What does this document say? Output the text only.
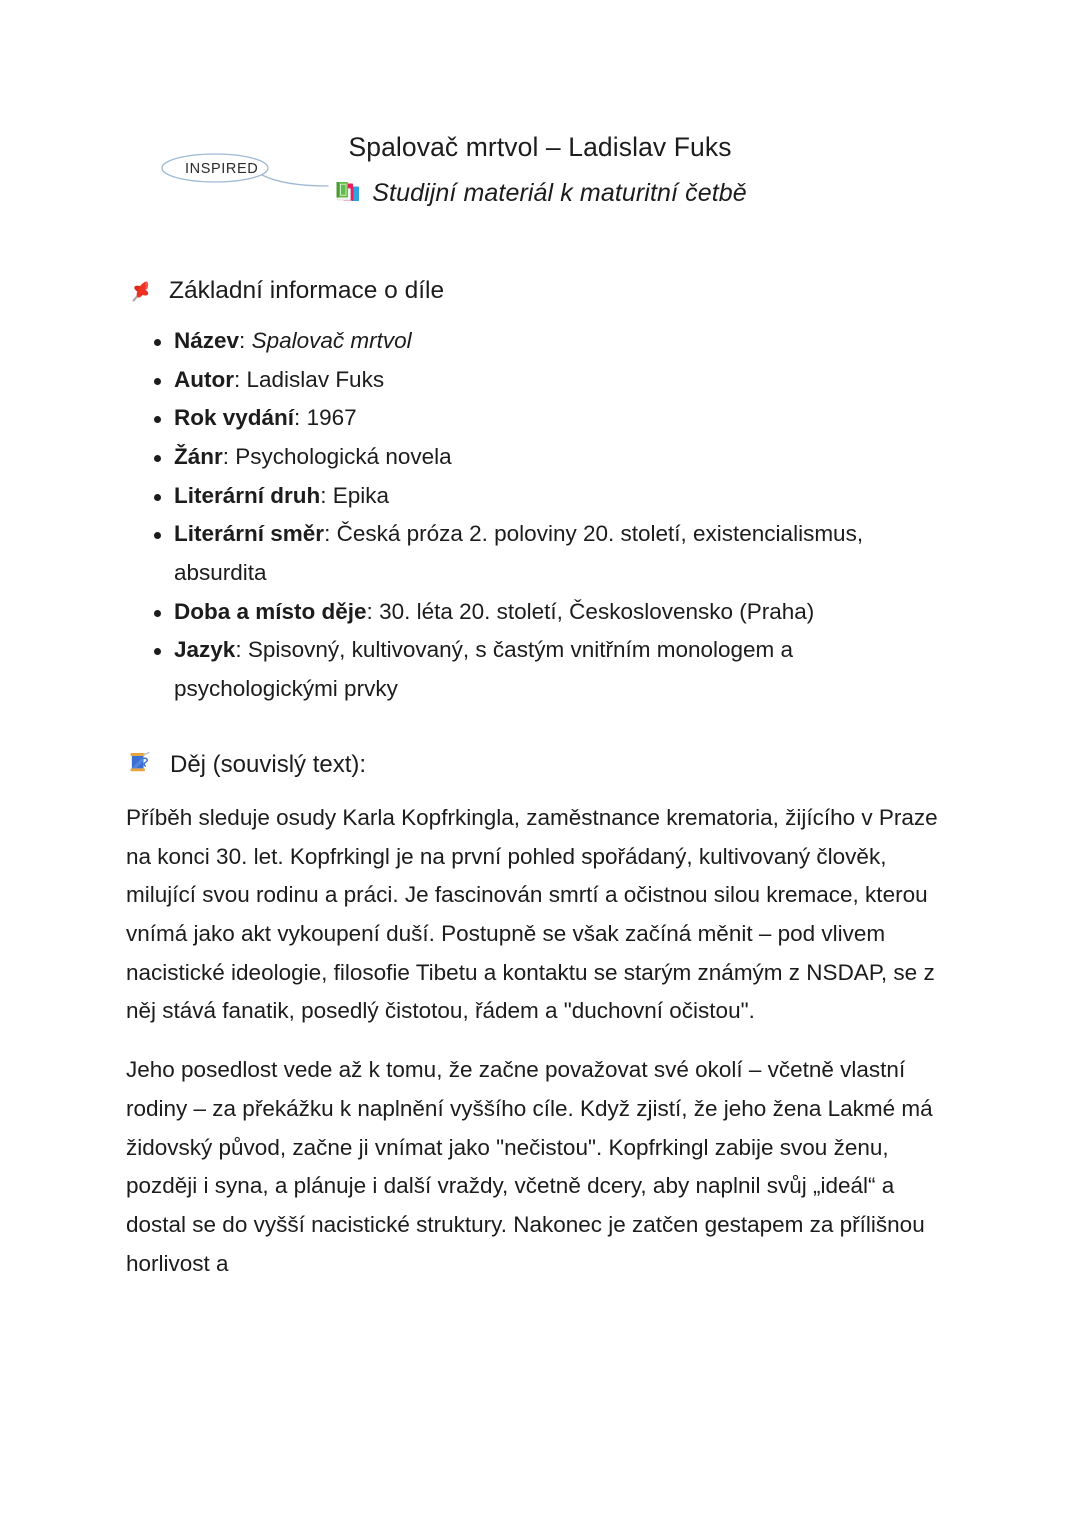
INSPIRED
Spalovač mrtvol – Ladislav Fuks
Studijní materiál k maturitní četbě
Základní informace o díle
Název: Spalovač mrtvol
Autor: Ladislav Fuks
Rok vydání: 1967
Žánr: Psychologická novela
Literární druh: Epika
Literární směr: Česká próza 2. poloviny 20. století, existencialismus, absurdita
Doba a místo děje: 30. léta 20. století, Československo (Praha)
Jazyk: Spisovný, kultivovaný, s častým vnitřním monologem a psychologickými prvky
Děj (souvislý text):

Příběh sleduje osudy Karla Kopfrkingla, zaměstnance krematoria, žijícího v Praze na konci 30. let. Kopfrkingl je na první pohled spořádaný, kultivovaný člověk, milující svou rodinu a práci. Je fascinován smrtí a očistnou silou kremace, kterou vnímá jako akt vykoupení duší. Postupně se však začíná měnit – pod vlivem nacistické ideologie, filosofie Tibetu a kontaktu se starým známým z NSDAP, se z něj stává fanatik, posedlý čistotou, řádem a "duchovní očistou".

Jeho posedlost vede až k tomu, že začne považovat své okolí – včetně vlastní rodiny – za překážku k naplnění vyššího cíle. Když zjistí, že jeho žena Lakmé má židovský původ, začne ji vnímat jako "nečistou". Kopfrkingl zabije svou ženu, později i syna, a plánuje i další vraždy, včetně dcery, aby naplnil svůj „ideál“ a dostal se do vyšší nacistické struktury. Nakonec je zatčen gestapem za přílišnou horlivost a
